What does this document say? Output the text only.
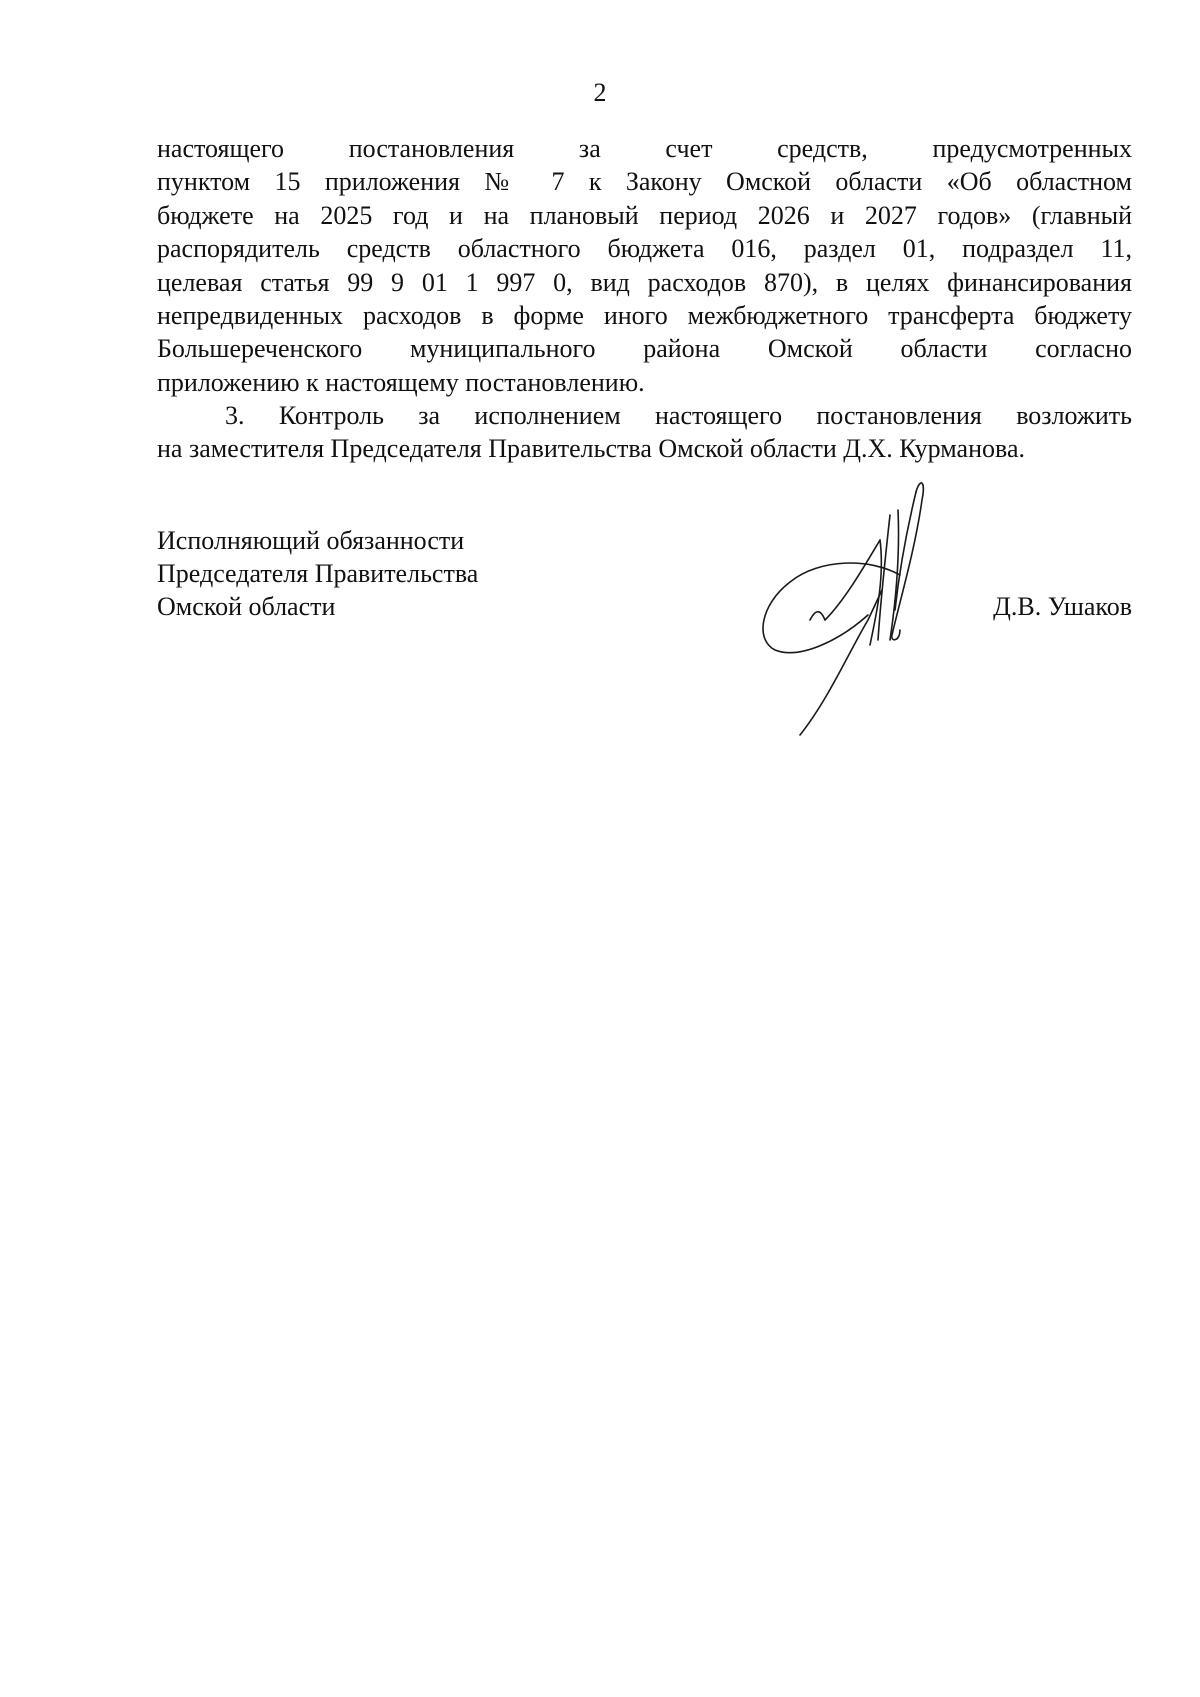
2
настоящего постановления за счет средств, предусмотренных
пунктом 15 приложения № 7 к Закону Омской области «Об областном
бюджете на 2025 год и на плановый период 2026 и 2027 годов» (главный
распорядитель средств областного бюджета 016, раздел 01, подраздел 11,
целевая статья 99 9 01 1 997 0, вид расходов 870), в целях финансирования
непредвиденных расходов в форме иного межбюджетного трансферта бюджету
Большереченского муниципального района Омской области согласно
приложению к настоящему постановлению.
3. Контроль за исполнением настоящего постановления возложить
на заместителя Председателя Правительства Омской области Д.Х. Курманова.
Исполняющий обязанности
Председателя Правительства
Омской области	Д.В. Ушаков
